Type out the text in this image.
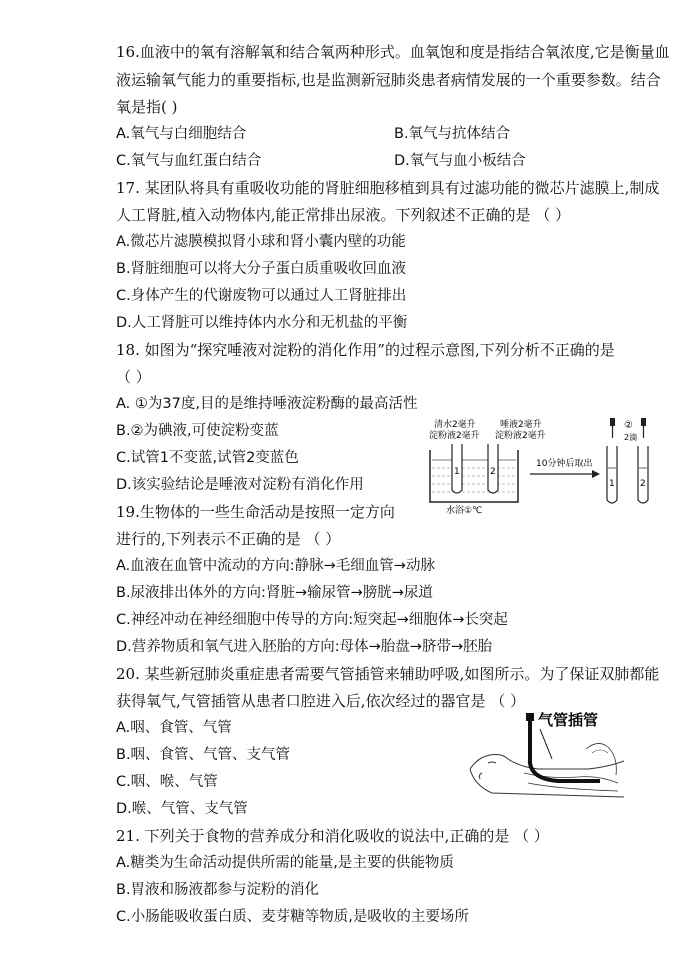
16.血液中的氧有溶解氧和结合氧两种形式。血氧饱和度是指结合氧浓度,它是衡量血
液运输氧气能力的重要指标,也是监测新冠肺炎患者病情发展的一个重要参数。结合
氧是指( )
A.氧气与白细胞结合	B.氧气与抗体结合
C.氧气与血红蛋白结合	D.氧气与血小板结合
17. 某团队将具有重吸收功能的肾脏细胞移植到具有过滤功能的微芯片滤膜上,制成
人工肾脏,植入动物体内,能正常排出尿液。下列叙述不正确的是 （ ）
A.微芯片滤膜模拟肾小球和肾小囊内壁的功能
B.肾脏细胞可以将大分子蛋白质重吸收回血液
C.身体产生的代谢废物可以通过人工肾脏排出
D.人工肾脏可以维持体内水分和无机盐的平衡
18. 如图为“探究唾液对淀粉的消化作用”的过程示意图,下列分析不正确的是
（ ）
A. ①为37度,目的是维持唾液淀粉酶的最高活性
B.②为碘液,可使淀粉变蓝
C.试管1不变蓝,试管2变蓝色
D.该实验结论是唾液对淀粉有消化作用
清水2毫升
淀粉液2毫升
唾液2毫升
淀粉液2毫升
1	2
水浴①℃
10分钟后取出
②
2滴
1	2
19.生物体的一些生命活动是按照一定方向
进行的,下列表示不正确的是 （ ）
A.血液在血管中流动的方向:静脉→毛细血管→动脉
B.尿液排出体外的方向:肾脏→输尿管→膀胱→尿道
C.神经冲动在神经细胞中传导的方向:短突起→细胞体→长突起
D.营养物质和氧气进入胚胎的方向:母体→胎盘→脐带→胚胎
20. 某些新冠肺炎重症患者需要气管插管来辅助呼吸,如图所示。为了保证双肺都能
获得氧气,气管插管从患者口腔进入后,依次经过的器官是 （ ）
A.咽、食管、气管
B.咽、食管、气管、支气管
C.咽、喉、气管
D.喉、气管、支气管
气管插管
21. 下列关于食物的营养成分和消化吸收的说法中,正确的是 （ ）
A.糖类为生命活动提供所需的能量,是主要的供能物质
B.胃液和肠液都参与淀粉的消化
C.小肠能吸收蛋白质、麦芽糖等物质,是吸收的主要场所
